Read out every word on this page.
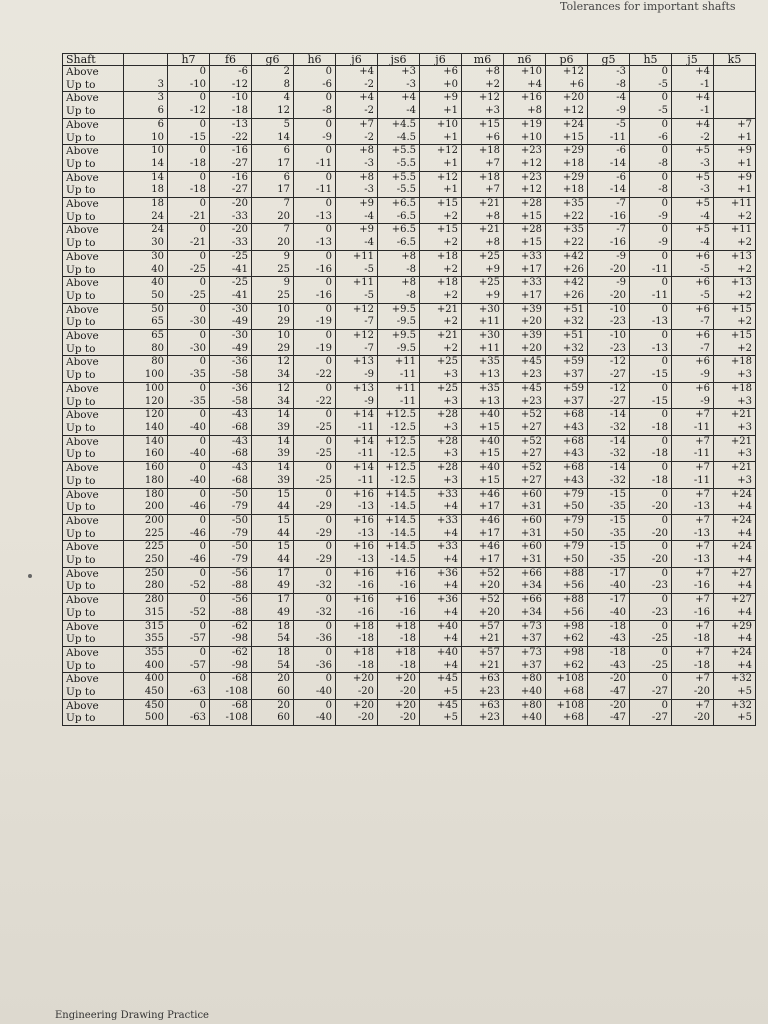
Tolerances for important shafts
Shaft		h7	f6	g6	h6	j6	js6	j6	m6	n6	p6	g5	h5	j5	k5
Above		0	-6	2	0	+4	+3	+6	+8	+10	+12	-3	0	+4	
Up to	3	-10	-12	8	-6	-2	-3	+0	+2	+4	+6	-8	-5	-1	
Above	3	0	-10	4	0	+4	+4	+9	+12	+16	+20	-4	0	+4	
Up to	6	-12	-18	12	-8	-2	-4	+1	+3	+8	+12	-9	-5	-1	
Above	6	0	-13	5	0	+7	+4.5	+10	+15	+19	+24	-5	0	+4	+7
Up to	10	-15	-22	14	-9	-2	-4.5	+1	+6	+10	+15	-11	-6	-2	+1
Above	10	0	-16	6	0	+8	+5.5	+12	+18	+23	+29	-6	0	+5	+9
Up to	14	-18	-27	17	-11	-3	-5.5	+1	+7	+12	+18	-14	-8	-3	+1
Above	14	0	-16	6	0	+8	+5.5	+12	+18	+23	+29	-6	0	+5	+9
Up to	18	-18	-27	17	-11	-3	-5.5	+1	+7	+12	+18	-14	-8	-3	+1
Above	18	0	-20	7	0	+9	+6.5	+15	+21	+28	+35	-7	0	+5	+11
Up to	24	-21	-33	20	-13	-4	-6.5	+2	+8	+15	+22	-16	-9	-4	+2
Above	24	0	-20	7	0	+9	+6.5	+15	+21	+28	+35	-7	0	+5	+11
Up to	30	-21	-33	20	-13	-4	-6.5	+2	+8	+15	+22	-16	-9	-4	+2
Above	30	0	-25	9	0	+11	+8	+18	+25	+33	+42	-9	0	+6	+13
Up to	40	-25	-41	25	-16	-5	-8	+2	+9	+17	+26	-20	-11	-5	+2
Above	40	0	-25	9	0	+11	+8	+18	+25	+33	+42	-9	0	+6	+13
Up to	50	-25	-41	25	-16	-5	-8	+2	+9	+17	+26	-20	-11	-5	+2
Above	50	0	-30	10	0	+12	+9.5	+21	+30	+39	+51	-10	0	+6	+15
Up to	65	-30	-49	29	-19	-7	-9.5	+2	+11	+20	+32	-23	-13	-7	+2
Above	65	0	-30	10	0	+12	+9.5	+21	+30	+39	+51	-10	0	+6	+15
Up to	80	-30	-49	29	-19	-7	-9.5	+2	+11	+20	+32	-23	-13	-7	+2
Above	80	0	-36	12	0	+13	+11	+25	+35	+45	+59	-12	0	+6	+18
Up to	100	-35	-58	34	-22	-9	-11	+3	+13	+23	+37	-27	-15	-9	+3
Above	100	0	-36	12	0	+13	+11	+25	+35	+45	+59	-12	0	+6	+18
Up to	120	-35	-58	34	-22	-9	-11	+3	+13	+23	+37	-27	-15	-9	+3
Above	120	0	-43	14	0	+14	+12.5	+28	+40	+52	+68	-14	0	+7	+21
Up to	140	-40	-68	39	-25	-11	-12.5	+3	+15	+27	+43	-32	-18	-11	+3
Above	140	0	-43	14	0	+14	+12.5	+28	+40	+52	+68	-14	0	+7	+21
Up to	160	-40	-68	39	-25	-11	-12.5	+3	+15	+27	+43	-32	-18	-11	+3
Above	160	0	-43	14	0	+14	+12.5	+28	+40	+52	+68	-14	0	+7	+21
Up to	180	-40	-68	39	-25	-11	-12.5	+3	+15	+27	+43	-32	-18	-11	+3
Above	180	0	-50	15	0	+16	+14.5	+33	+46	+60	+79	-15	0	+7	+24
Up to	200	-46	-79	44	-29	-13	-14.5	+4	+17	+31	+50	-35	-20	-13	+4
Above	200	0	-50	15	0	+16	+14.5	+33	+46	+60	+79	-15	0	+7	+24
Up to	225	-46	-79	44	-29	-13	-14.5	+4	+17	+31	+50	-35	-20	-13	+4
Above	225	0	-50	15	0	+16	+14.5	+33	+46	+60	+79	-15	0	+7	+24
Up to	250	-46	-79	44	-29	-13	-14.5	+4	+17	+31	+50	-35	-20	-13	+4
Above	250	0	-56	17	0	+16	+16	+36	+52	+66	+88	-17	0	+7	+27
Up to	280	-52	-88	49	-32	-16	-16	+4	+20	+34	+56	-40	-23	-16	+4
Above	280	0	-56	17	0	+16	+16	+36	+52	+66	+88	-17	0	+7	+27
Up to	315	-52	-88	49	-32	-16	-16	+4	+20	+34	+56	-40	-23	-16	+4
Above	315	0	-62	18	0	+18	+18	+40	+57	+73	+98	-18	0	+7	+29
Up to	355	-57	-98	54	-36	-18	-18	+4	+21	+37	+62	-43	-25	-18	+4
Above	355	0	-62	18	0	+18	+18	+40	+57	+73	+98	-18	0	+7	+24
Up to	400	-57	-98	54	-36	-18	-18	+4	+21	+37	+62	-43	-25	-18	+4
Above	400	0	-68	20	0	+20	+20	+45	+63	+80	+108	-20	0	+7	+32
Up to	450	-63	-108	60	-40	-20	-20	+5	+23	+40	+68	-47	-27	-20	+5
Above	450	0	-68	20	0	+20	+20	+45	+63	+80	+108	-20	0	+7	+32
Up to	500	-63	-108	60	-40	-20	-20	+5	+23	+40	+68	-47	-27	-20	+5
Engineering Drawing Practice
